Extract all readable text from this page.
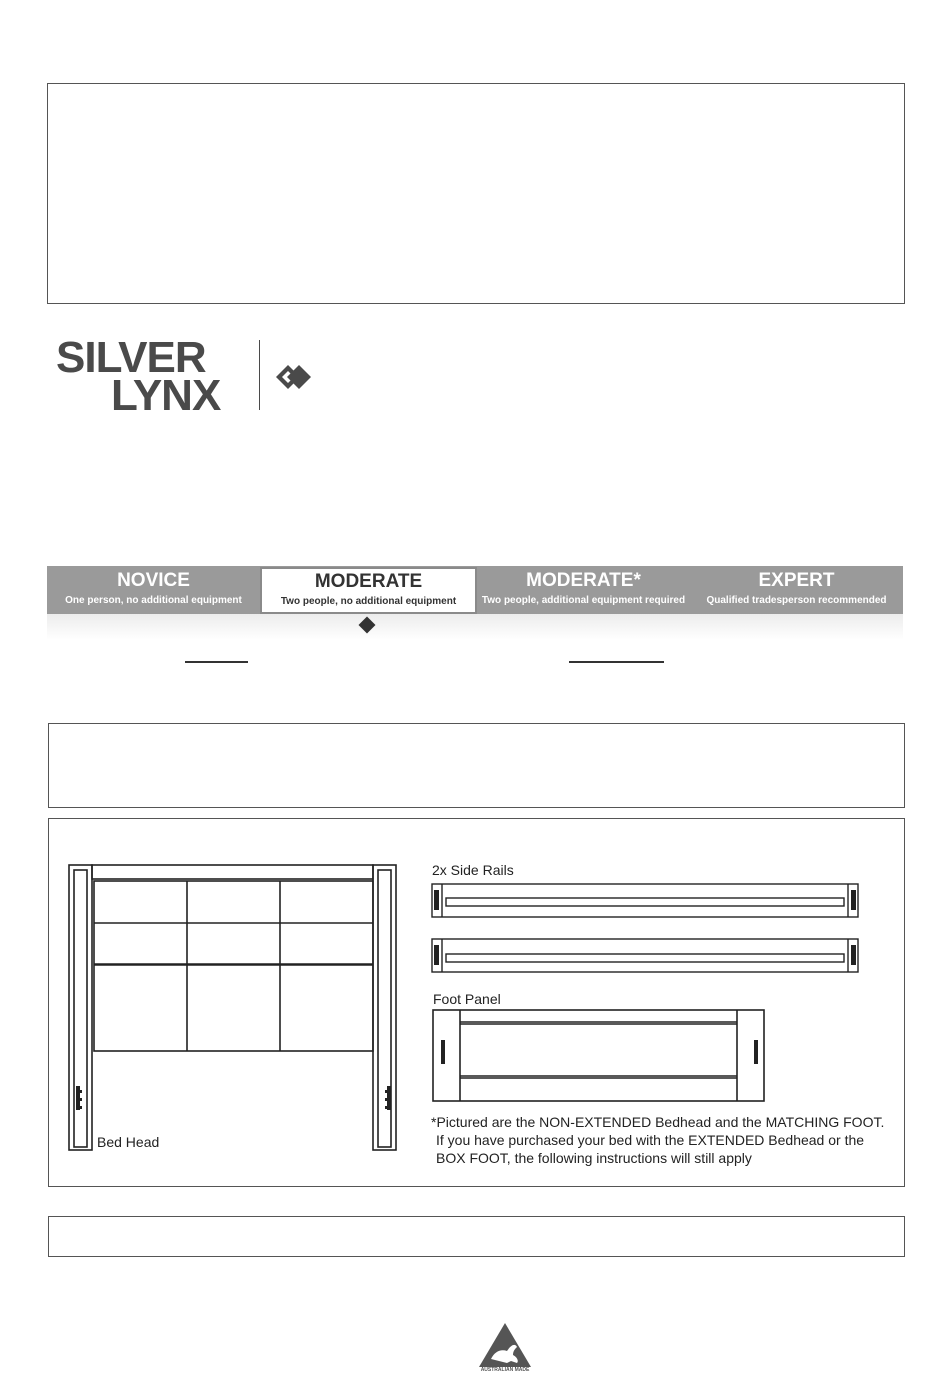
SILVER
LYNX
NOVICE
One person, no additional equipment
MODERATE
Two people, no additional equipment
MODERATE*
Two people, additional equipment required
EXPERT
Qualified tradesperson recommended
Bed Head
2x Side Rails
Foot Panel

*Pictured are the NON-EXTENDED Bedhead and the MATCHING FOOT.

If you have purchased your bed with the EXTENDED Bedhead or the

BOX FOOT, the following instructions will still apply

AUSTRALIAN MADE
